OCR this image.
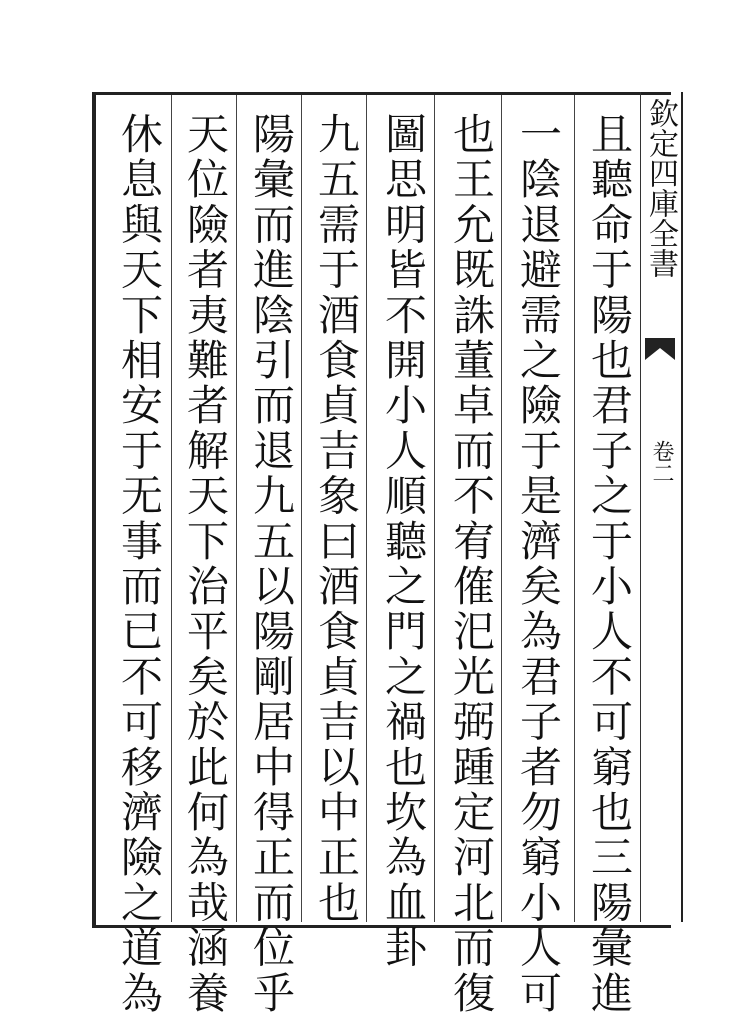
欽定四庫全書
卷二
且聽命于陽也君子之于小人不可窮也三陽彙進
一陰退避需之險于是濟矣為君子者勿窮小人可
也王允既誅董卓而不宥傕汜光弼踵定河北而復
圖思明皆不開小人順聽之門之禍也坎為血卦
九五需于酒食貞吉象曰酒食貞吉以中正也
陽彙而進陰引而退九五以陽剛居中得正而位乎
天位險者夷難者解天下治平矣於此何為哉涵養
休息與天下相安于无事而已不可移濟險之道為
